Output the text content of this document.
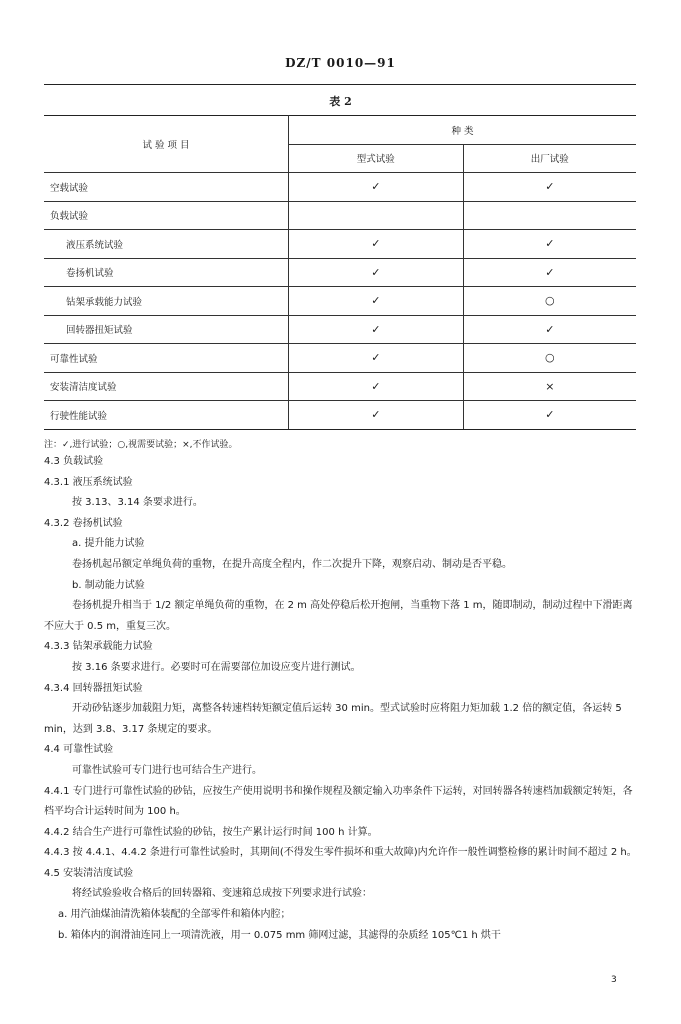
DZ/T 0010—91
表 2
试 验 项 目	种 类	
	型式试验	出厂试验
空载试验	✓	✓
负载试验		
液压系统试验	✓	✓
卷扬机试验	✓	✓
钻架承载能力试验	✓	○
回转器扭矩试验	✓	✓
可靠性试验	✓	○
安装清洁度试验	✓	×
行驶性能试验	✓	✓
注：✓,进行试验；○,视需要试验；×,不作试验。

4.3 负载试验

4.3.1 液压系统试验

按 3.13、3.14 条要求进行。

4.3.2 卷扬机试验

a. 提升能力试验

卷扬机起吊额定单绳负荷的重物，在提升高度全程内，作二次提升下降，观察启动、制动是否平稳。

b. 制动能力试验

卷扬机提升相当于 1/2 额定单绳负荷的重物，在 2 m 高处停稳后松开抱闸，当重物下落 1 m，随即制动，制动过程中下滑距离不应大于 0.5 m，重复三次。

4.3.3 钻架承载能力试验

按 3.16 条要求进行。必要时可在需要部位加设应变片进行测试。

4.3.4 回转器扭矩试验

开动砂钻逐步加载阻力矩，离整各转速档转矩额定值后运转 30 min。型式试验时应将阻力矩加载 1.2 倍的额定值，各运转 5 min，达到 3.8、3.17 条规定的要求。

4.4 可靠性试验

可靠性试验可专门进行也可结合生产进行。

4.4.1 专门进行可靠性试验的砂钻，应按生产使用说明书和操作规程及额定输入功率条件下运转，对回转器各转速档加载额定转矩，各档平均合计运转时间为 100 h。

4.4.2 结合生产进行可靠性试验的砂钻，按生产累计运行时间 100 h 计算。

4.4.3 按 4.4.1、4.4.2 条进行可靠性试验时，其期间(不得发生零件损坏和重大故障)内允许作一般性调整检修的累计时间不超过 2 h。

4.5 安装清洁度试验

将经试验验收合格后的回转器箱、变速箱总成按下列要求进行试验：

a. 用汽油煤油清洗箱体装配的全部零件和箱体内腔；

b. 箱体内的润滑油连同上一项清洗液，用一 0.075 mm 筛网过滤，其滤得的杂质经 105℃1 h 烘干

3
